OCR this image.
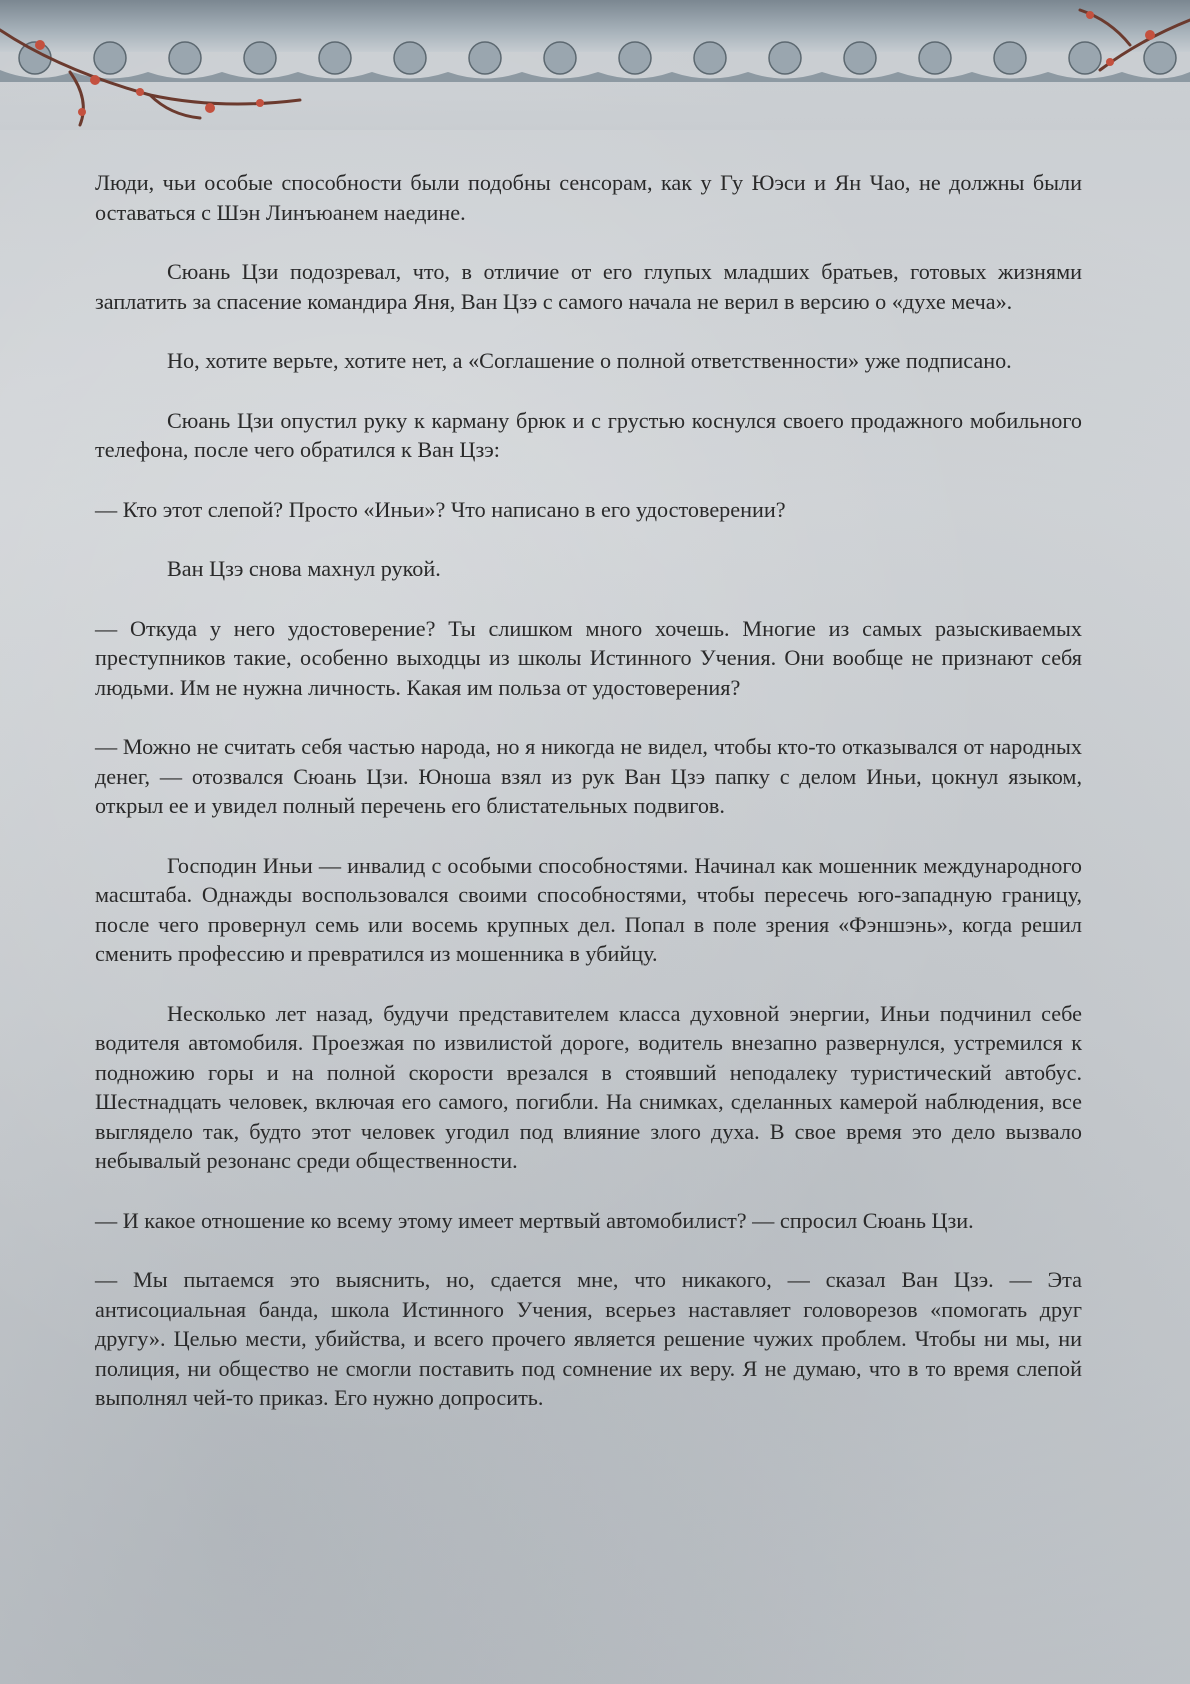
Люди, чьи особые способности были подобны сенсорам, как у Гу Юэси и Ян Чао, не должны были оставаться с Шэн Линъюанем наедине.

Сюань Цзи подозревал, что, в отличие от его глупых младших братьев, готовых жизнями заплатить за спасение командира Яня, Ван Цзэ с самого начала не верил в версию о «духе меча».

Но, хотите верьте, хотите нет, а «Соглашение о полной ответственности» уже подписано.

Сюань Цзи опустил руку к карману брюк и с грустью коснулся своего продажного мобильного телефона, после чего обратился к Ван Цзэ:

— Кто этот слепой? Просто «Иньи»? Что написано в его удостоверении?

Ван Цзэ снова махнул рукой.

— Откуда у него удостоверение? Ты слишком много хочешь. Многие из самых разыскиваемых преступников такие, особенно выходцы из школы Истинного Учения. Они вообще не признают себя людьми. Им не нужна личность. Какая им польза от удостоверения?

— Можно не считать себя частью народа, но я никогда не видел, чтобы кто-то отказывался от народных денег, — отозвался Сюань Цзи. Юноша взял из рук Ван Цзэ папку с делом Иньи, цокнул языком, открыл ее и увидел полный перечень его блистательных подвигов.

Господин Иньи — инвалид с особыми способностями. Начинал как мошенник международного масштаба. Однажды воспользовался своими способностями, чтобы пересечь юго-западную границу, после чего провернул семь или восемь крупных дел. Попал в поле зрения «Фэншэнь», когда решил сменить профессию и превратился из мошенника в убийцу.

Несколько лет назад, будучи представителем класса духовной энергии, Иньи подчинил себе водителя автомобиля. Проезжая по извилистой дороге, водитель внезапно развернулся, устремился к подножию горы и на полной скорости врезался в стоявший неподалеку туристический автобус. Шестнадцать человек, включая его самого, погибли. На снимках, сделанных камерой наблюдения, все выглядело так, будто этот человек угодил под влияние злого духа. В свое время это дело вызвало небывалый резонанс среди общественности.

— И какое отношение ко всему этому имеет мертвый автомобилист? — спросил Сюань Цзи.

— Мы пытаемся это выяснить, но, сдается мне, что никакого, — сказал Ван Цзэ. — Эта антисоциальная банда, школа Истинного Учения, всерьез наставляет головорезов «помогать друг другу». Целью мести, убийства, и всего прочего является решение чужих проблем. Чтобы ни мы, ни полиция, ни общество не смогли поставить под сомнение их веру. Я не думаю, что в то время слепой выполнял чей-то приказ. Его нужно допросить.
